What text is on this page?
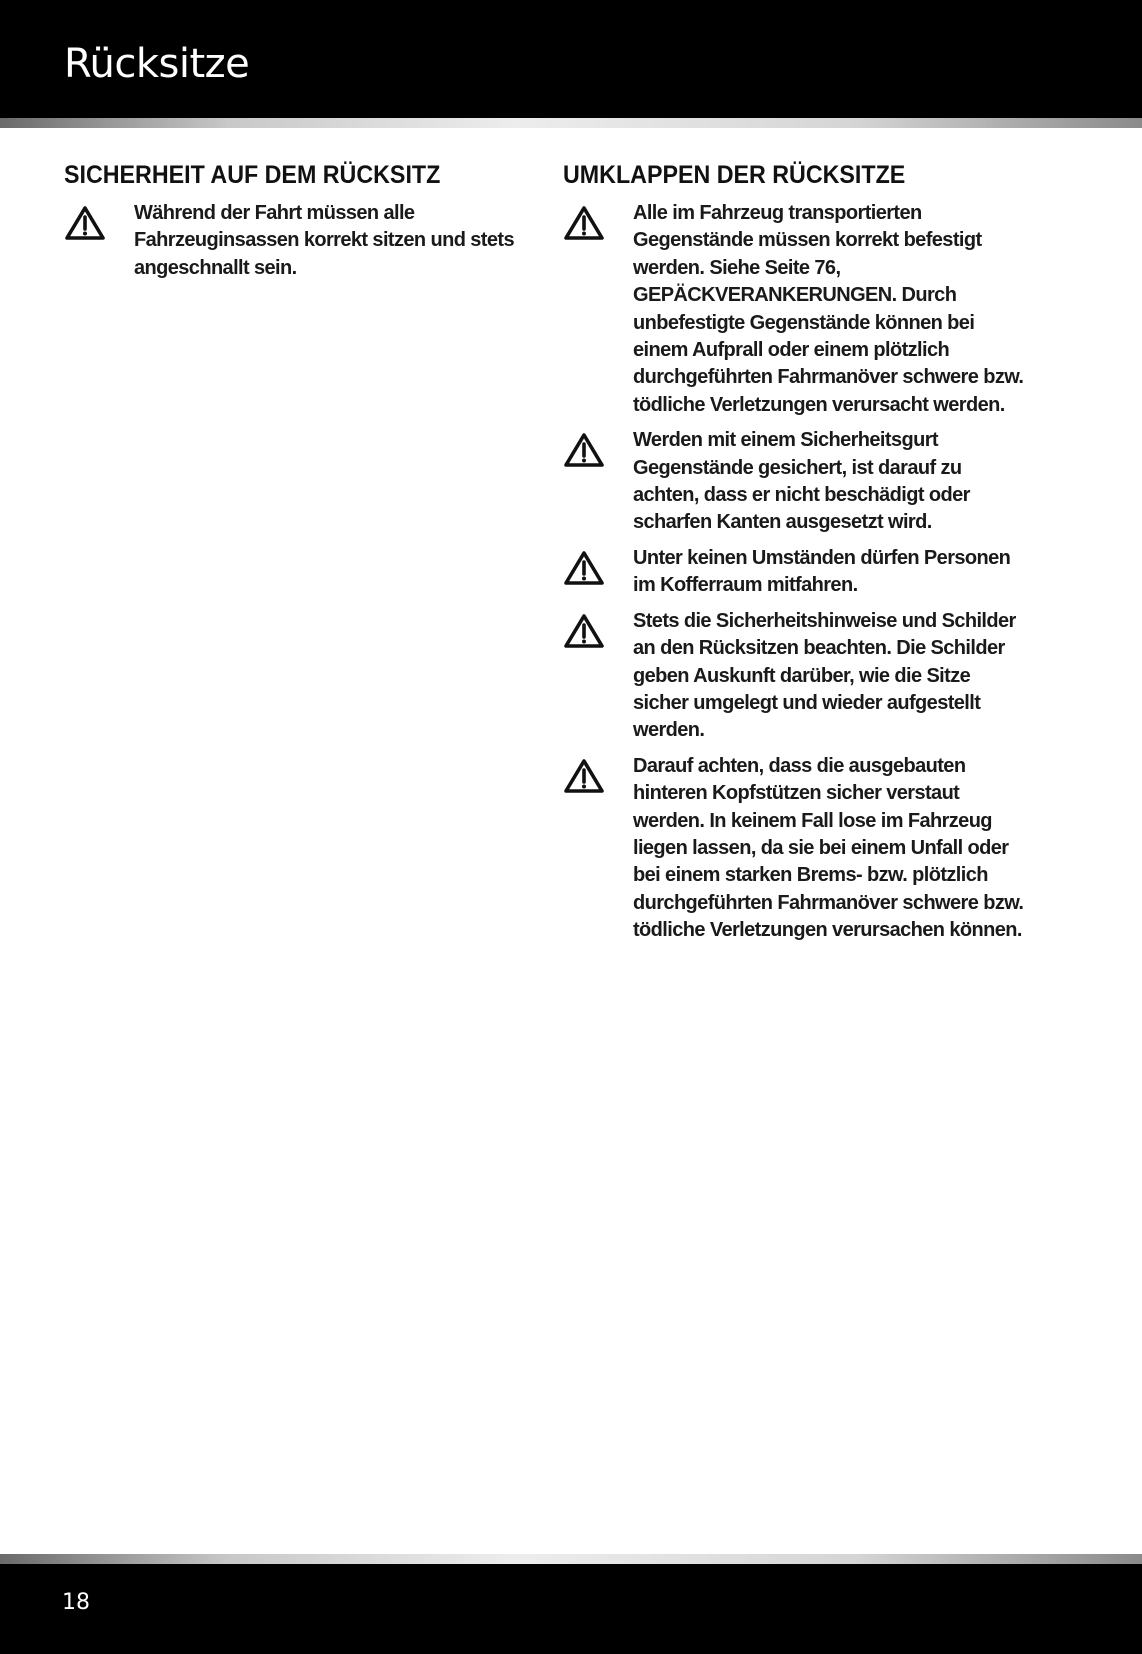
Rücksitze
SICHERHEIT AUF DEM RÜCKSITZ
Während der Fahrt müssen alle Fahrzeuginsassen korrekt sitzen und stets angeschnallt sein.
UMKLAPPEN DER RÜCKSITZE
Alle im Fahrzeug transportierten Gegenstände müssen korrekt befestigt werden. Siehe Seite 76, GEPÄCKVERANKERUNGEN. Durch unbefestigte Gegenstände können bei einem Aufprall oder einem plötzlich durchgeführten Fahrmanöver schwere bzw. tödliche Verletzungen verursacht werden.
Werden mit einem Sicherheitsgurt Gegenstände gesichert, ist darauf zu achten, dass er nicht beschädigt oder scharfen Kanten ausgesetzt wird.
Unter keinen Umständen dürfen Personen im Kofferraum mitfahren.
Stets die Sicherheitshinweise und Schilder an den Rücksitzen beachten. Die Schilder geben Auskunft darüber, wie die Sitze sicher umgelegt und wieder aufgestellt werden.
Darauf achten, dass die ausgebauten hinteren Kopfstützen sicher verstaut werden. In keinem Fall lose im Fahrzeug liegen lassen, da sie bei einem Unfall oder bei einem starken Brems- bzw. plötzlich durchgeführten Fahrmanöver schwere bzw. tödliche Verletzungen verursachen können.
18
